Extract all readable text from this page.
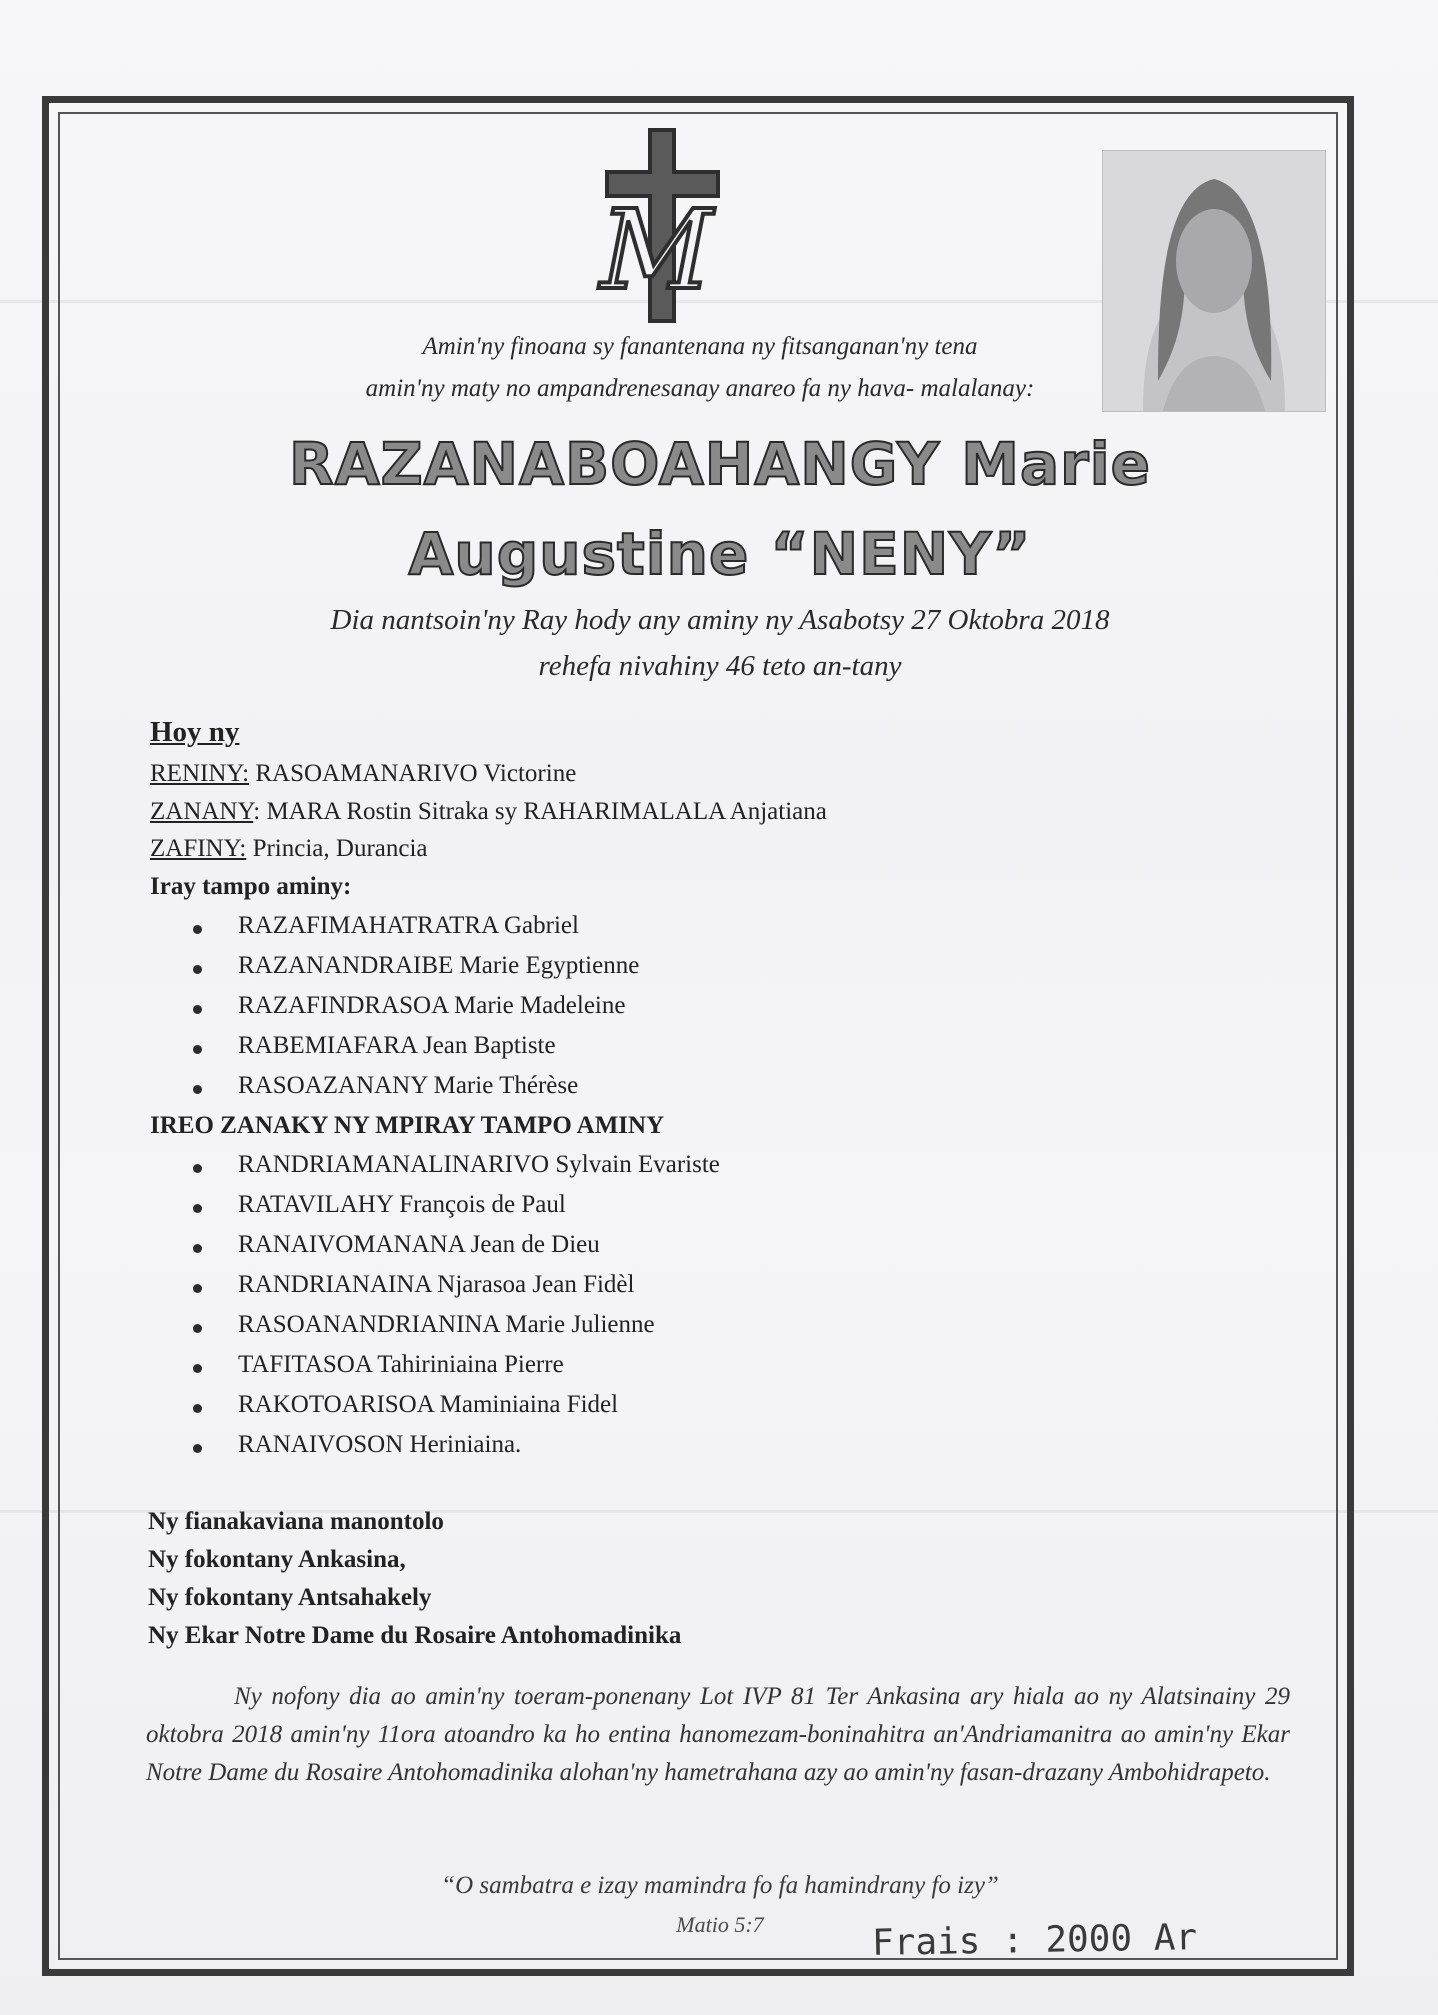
M
Amin'ny finoana sy fanantenana ny fitsanganan'ny tena
amin'ny maty no ampandrenesanay anareo fa ny hava- malalanay:
RAZANABOAHANGY Marie
Augustine “NENY”
Dia nantsoin'ny Ray hody any aminy ny Asabotsy 27 Oktobra 2018
rehefa nivahiny 46 teto an-tany
Hoy ny
RENINY: RASOAMANARIVO Victorine
ZANANY: MARA Rostin Sitraka sy RAHARIMALALA Anjatiana
ZAFINY: Princia, Durancia
Iray tampo aminy:
RAZAFIMAHATRATRA Gabriel
RAZANANDRAIBE Marie Egyptienne
RAZAFINDRASOA Marie Madeleine
RABEMIAFARA Jean Baptiste
RASOAZANANY Marie Thérèse
IREO ZANAKY NY MPIRAY TAMPO AMINY
RANDRIAMANALINARIVO Sylvain Evariste
RATAVILAHY François de Paul
RANAIVOMANANA Jean de Dieu
RANDRIANAINA Njarasoa Jean Fidèl
RASOANANDRIANINA Marie Julienne
TAFITASOA Tahiriniaina Pierre
RAKOTOARISOA Maminiaina Fidel
RANAIVOSON Heriniaina.
Ny fianakaviana manontolo
Ny fokontany Ankasina,
Ny fokontany Antsahakely
Ny Ekar Notre Dame du Rosaire Antohomadinika
Ny nofony dia ao amin'ny toeram-ponenany Lot IVP 81 Ter Ankasina ary hiala ao ny Alatsinainy 29 oktobra 2018 amin'ny 11ora atoandro ka ho entina hanomezam-boninahitra an'Andriamanitra ao amin'ny Ekar Notre Dame du Rosaire Antohomadinika alohan'ny hametrahana azy ao amin'ny fasan-drazany Ambohidrapeto.
“O sambatra e izay mamindra fo fa hamindrany fo izy”
Matio 5:7	Frais : 2000 Ar
